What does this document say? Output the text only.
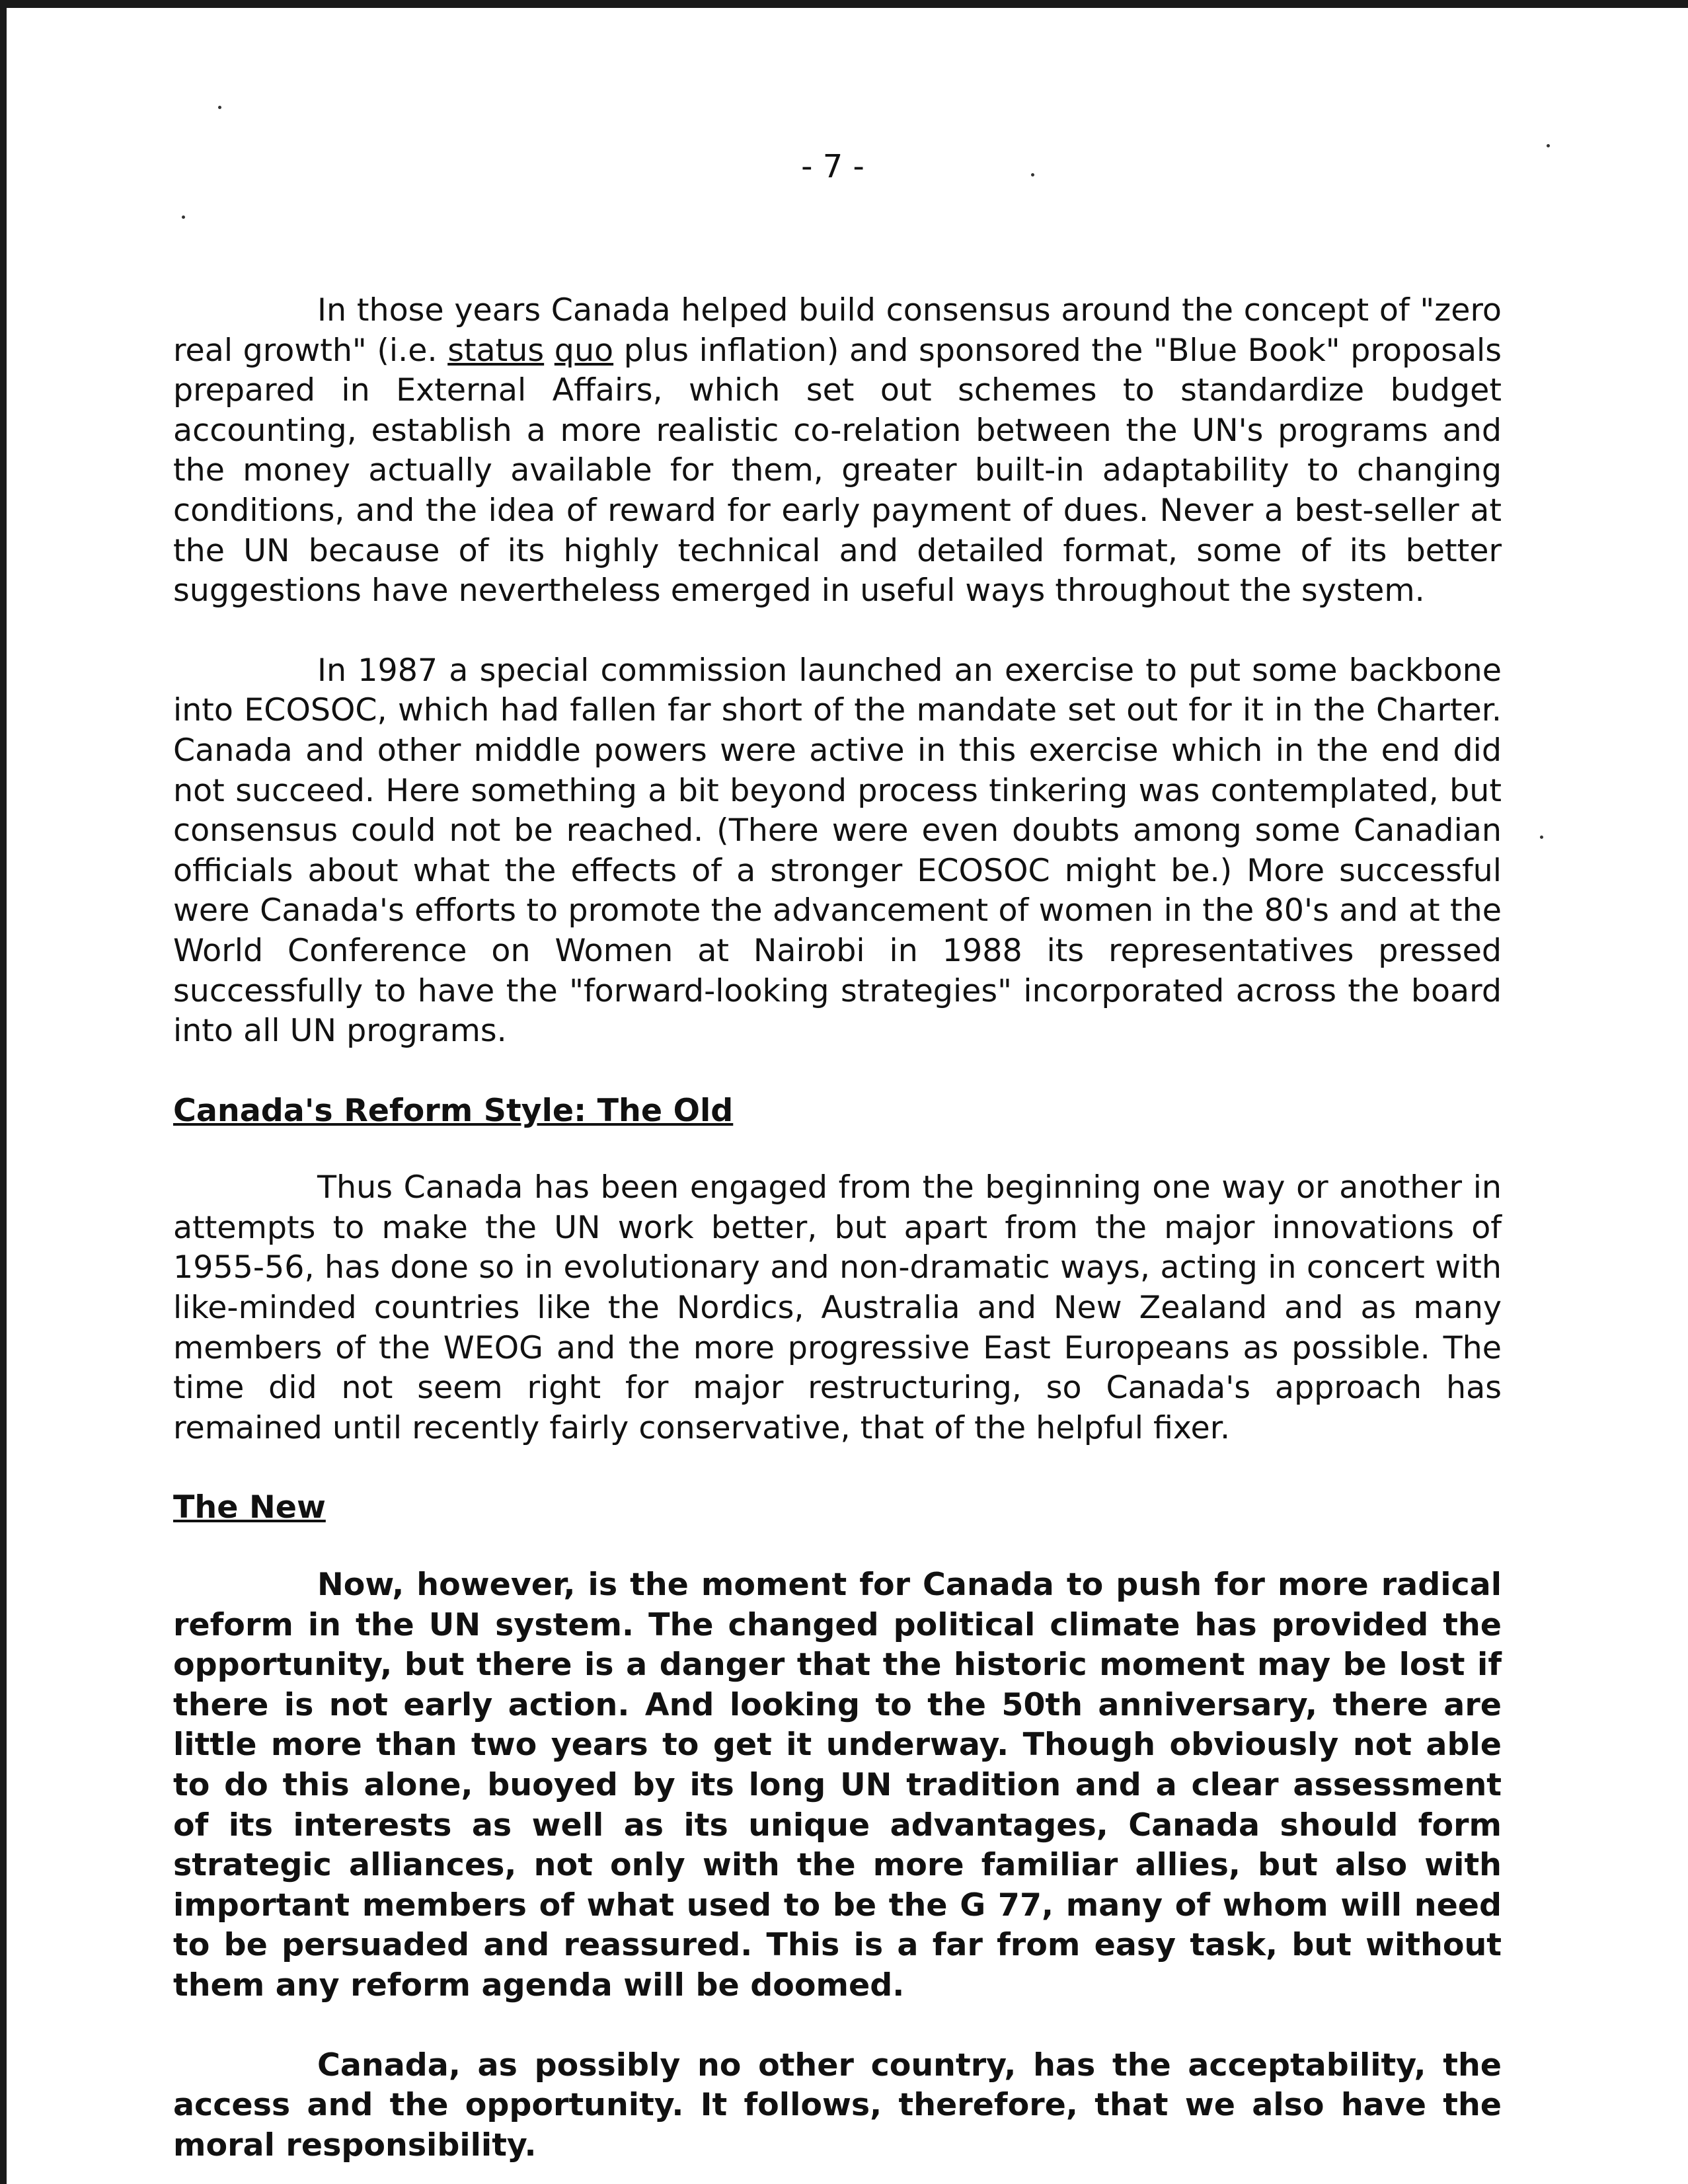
- 7 -

In those years Canada helped build consensus around the concept of "zero real growth" (i.e. status quo plus inflation) and sponsored the "Blue Book" proposals prepared in External Affairs, which set out schemes to standardize budget accounting, establish a more realistic co-relation between the UN's programs and the money actually available for them, greater built-in adaptability to changing conditions, and the idea of reward for early payment of dues. Never a best-seller at the UN because of its highly technical and detailed format, some of its better suggestions have nevertheless emerged in useful ways throughout the system.

In 1987 a special commission launched an exercise to put some backbone into ECOSOC, which had fallen far short of the mandate set out for it in the Charter. Canada and other middle powers were active in this exercise which in the end did not succeed. Here something a bit beyond process tinkering was contemplated, but consensus could not be reached. (There were even doubts among some Canadian officials about what the effects of a stronger ECOSOC might be.) More successful were Canada's efforts to promote the advancement of women in the 80's and at the World Conference on Women at Nairobi in 1988 its representatives pressed successfully to have the "forward-looking strategies" incorporated across the board into all UN programs.

Canada's Reform Style: The Old

Thus Canada has been engaged from the beginning one way or another in attempts to make the UN work better, but apart from the major innovations of 1955-56, has done so in evolutionary and non-dramatic ways, acting in concert with like-minded countries like the Nordics, Australia and New Zealand and as many members of the WEOG and the more progressive East Europeans as possible. The time did not seem right for major restructuring, so Canada's approach has remained until recently fairly conservative, that of the helpful fixer.

The New

Now, however, is the moment for Canada to push for more radical reform in the UN system. The changed political climate has provided the opportunity, but there is a danger that the historic moment may be lost if there is not early action. And looking to the 50th anniversary, there are little more than two years to get it underway. Though obviously not able to do this alone, buoyed by its long UN tradition and a clear assessment of its interests as well as its unique advantages, Canada should form strategic alliances, not only with the more familiar allies, but also with important members of what used to be the G 77, many of whom will need to be persuaded and reassured. This is a far from easy task, but without them any reform agenda will be doomed.

Canada, as possibly no other country, has the acceptability, the access and the opportunity. It follows, therefore, that we also have the moral responsibility.
